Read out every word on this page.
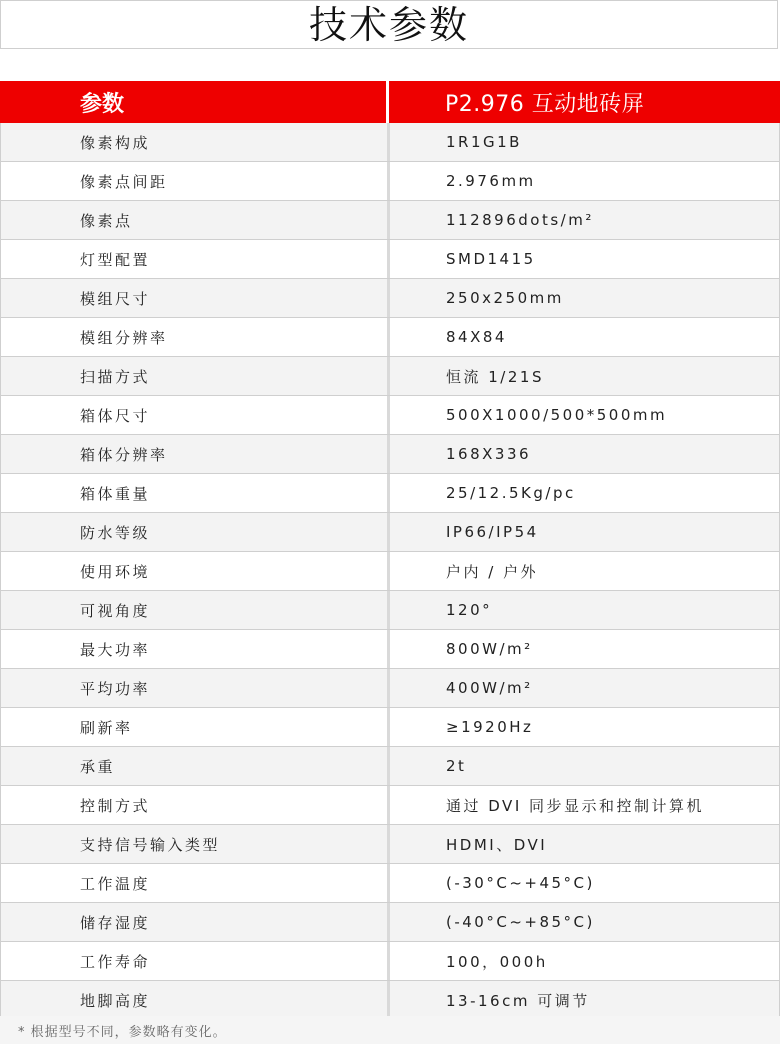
技术参数
参数	P2.976 互动地砖屏
像素构成	1R1G1B
像素点间距	2.976mm
像素点	112896dots/m²
灯型配置	SMD1415
模组尺寸	250x250mm
模组分辨率	84X84
扫描方式	恒流 1/21S
箱体尺寸	500X1000/500*500mm
箱体分辨率	168X336
箱体重量	25/12.5Kg/pc
防水等级	IP66/IP54
使用环境	户内 / 户外
可视角度	120°
最大功率	800W/m²
平均功率	400W/m²
刷新率	≥1920Hz
承重	2t
控制方式	通过 DVI 同步显示和控制计算机
支持信号输入类型	HDMI、DVI
工作温度	(-30°C~+45°C)
储存湿度	(-40°C~+85°C)
工作寿命	100，000h
地脚高度	13-16cm 可调节
* 根据型号不同，参数略有变化。
